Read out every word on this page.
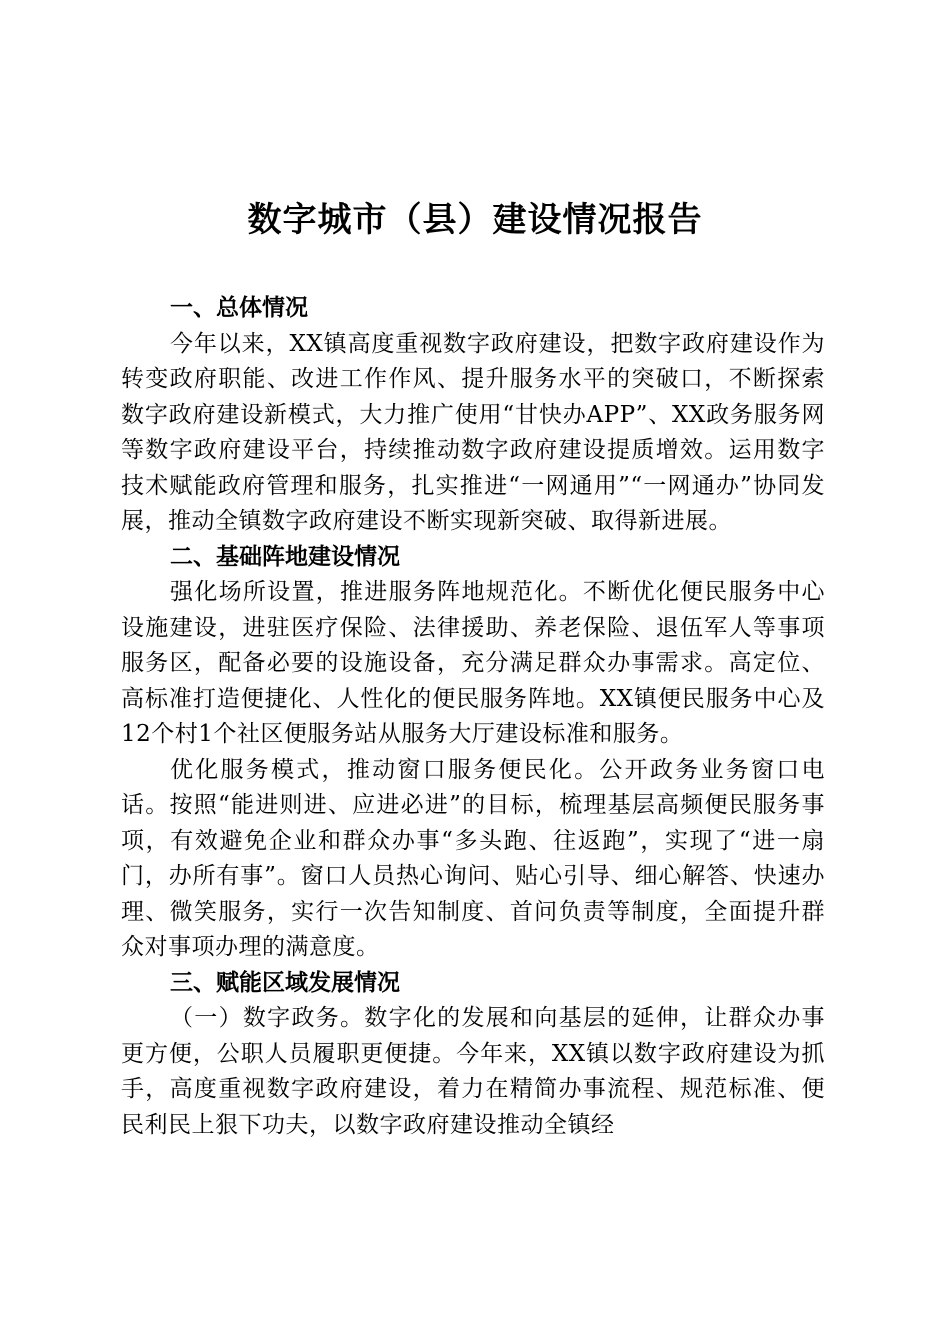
数字城市（县）建设情况报告

一、总体情况

今年以来，XX镇高度重视数字政府建设，把数字政府建设作为转变政府职能、改进工作作风、提升服务水平的突破口，不断探索数字政府建设新模式，大力推广使用“甘快办APP”、XX政务服务网等数字政府建设平台，持续推动数字政府建设提质增效。运用数字技术赋能政府管理和服务，扎实推进“一网通用”“一网通办”协同发展，推动全镇数字政府建设不断实现新突破、取得新进展。

二、基础阵地建设情况

强化场所设置，推进服务阵地规范化。不断优化便民服务中心设施建设，进驻医疗保险、法律援助、养老保险、退伍军人等事项服务区，配备必要的设施设备，充分满足群众办事需求。高定位、高标准打造便捷化、人性化的便民服务阵地。XX镇便民服务中心及12个村1个社区便服务站从服务大厅建设标准和服务。

优化服务模式，推动窗口服务便民化。公开政务业务窗口电话。按照“能进则进、应进必进”的目标，梳理基层高频便民服务事项，有效避免企业和群众办事“多头跑、往返跑”，实现了“进一扇门，办所有事”。窗口人员热心询问、贴心引导、细心解答、快速办理、微笑服务，实行一次告知制度、首问负责等制度，全面提升群众对事项办理的满意度。

三、赋能区域发展情况

（一）数字政务。数字化的发展和向基层的延伸，让群众办事更方便，公职人员履职更便捷。今年来，XX镇以数字政府建设为抓手，高度重视数字政府建设，着力在精简办事流程、规范标准、便民利民上狠下功夫，以数字政府建设推动全镇经
